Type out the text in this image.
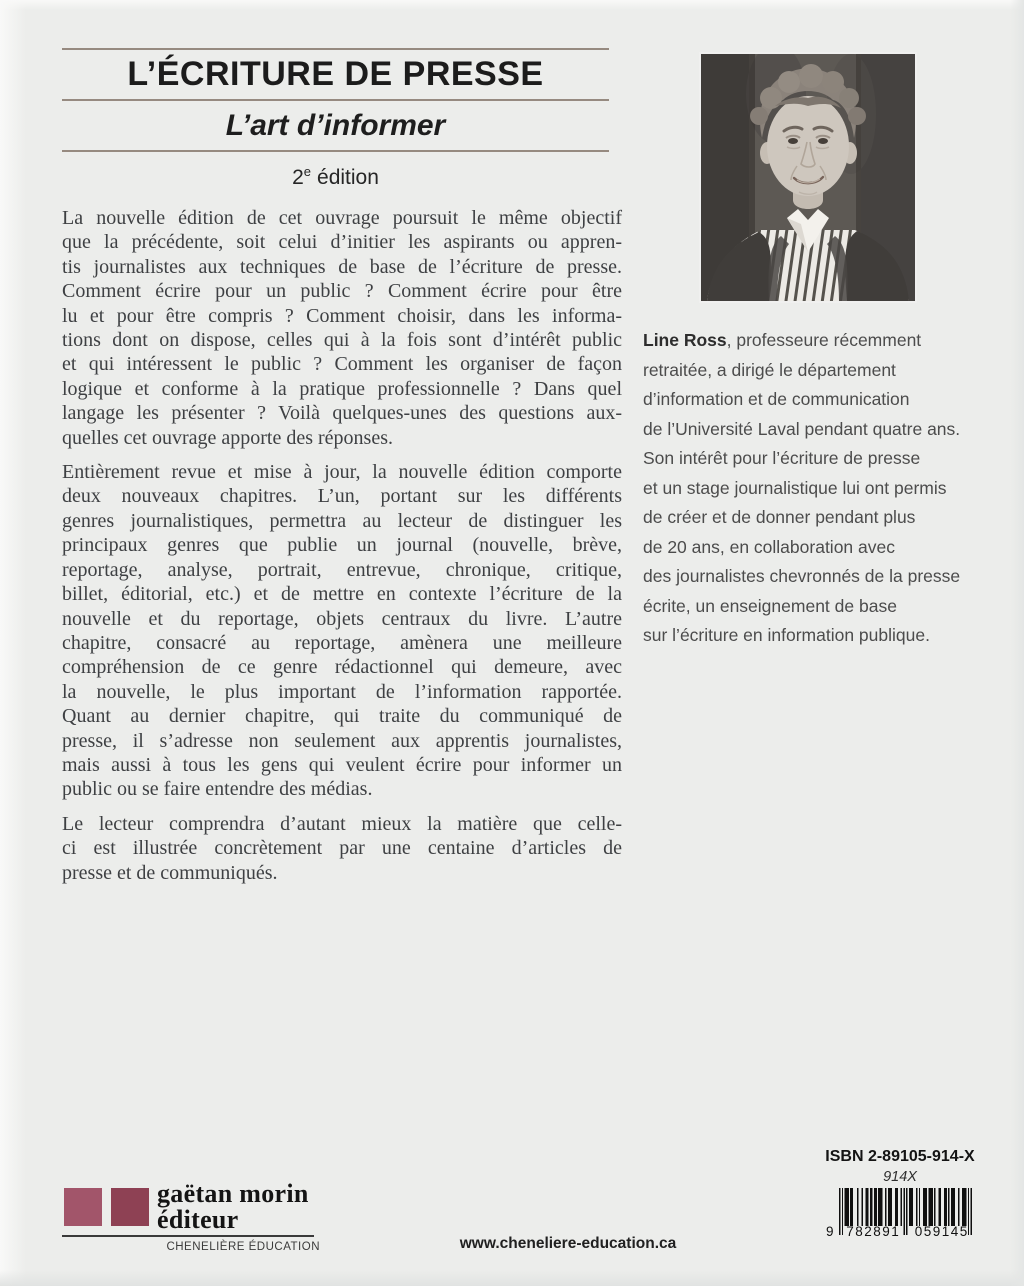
L’ÉCRITURE DE PRESSE
L’art d’informer
2e édition
La nouvelle édition de cet ouvrage poursuit le même objectif
que la précédente, soit celui d’initier les aspirants ou appren-
tis journalistes aux techniques de base de l’écriture de presse.
Comment écrire pour un public ? Comment écrire pour être
lu et pour être compris ? Comment choisir, dans les informa-
tions dont on dispose, celles qui à la fois sont d’intérêt public
et qui intéressent le public ? Comment les organiser de façon
logique et conforme à la pratique professionnelle ? Dans quel
langage les présenter ? Voilà quelques-unes des questions aux-
quelles cet ouvrage apporte des réponses.
Entièrement revue et mise à jour, la nouvelle édition comporte
deux nouveaux chapitres. L’un, portant sur les différents
genres journalistiques, permettra au lecteur de distinguer les
principaux genres que publie un journal (nouvelle, brève,
reportage, analyse, portrait, entrevue, chronique, critique,
billet, éditorial, etc.) et de mettre en contexte l’écriture de la
nouvelle et du reportage, objets centraux du livre. L’autre
chapitre, consacré au reportage, amènera une meilleure
compréhension de ce genre rédactionnel qui demeure, avec
la nouvelle, le plus important de l’information rapportée.
Quant au dernier chapitre, qui traite du communiqué de
presse, il s’adresse non seulement aux apprentis journalistes,
mais aussi à tous les gens qui veulent écrire pour informer un
public ou se faire entendre des médias.
Le lecteur comprendra d’autant mieux la matière que celle-
ci est illustrée concrètement par une centaine d’articles de
presse et de communiqués.
Line Ross, professeure récemment
retraitée, a dirigé le département
d’information et de communication
de l’Université Laval pendant quatre ans.
Son intérêt pour l’écriture de presse
et un stage journalistique lui ont permis
de créer et de donner pendant plus
de 20 ans, en collaboration avec
des journalistes chevronnés de la presse
écrite, un enseignement de base
sur l’écriture en information publique.
gaëtan morin
éditeur
CHENELIÈRE ÉDUCATION	www.cheneliere-education.ca
ISBN 2-89105-914-X
914X
9 782891	059145
